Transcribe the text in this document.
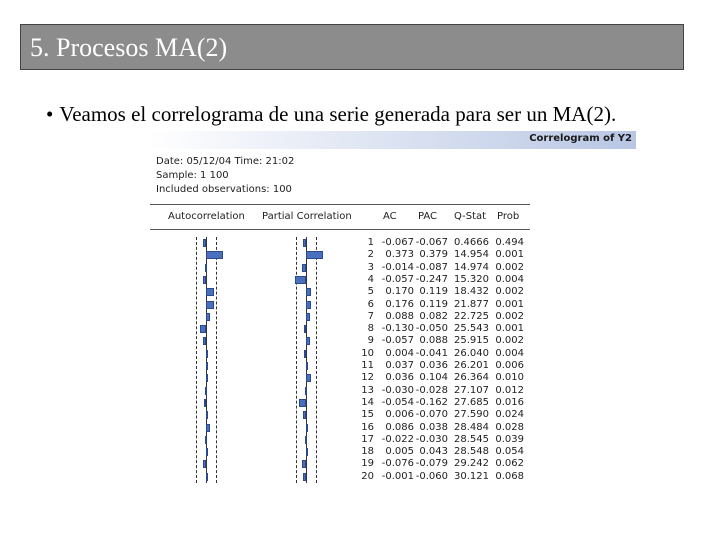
5. Procesos MA(2)
• Veamos el correlograma de una serie generada para ser un MA(2).
Correlogram of Y2
Date: 05/12/04 Time: 21:02
Sample: 1 100
Included observations: 100
Autocorrelation Partial Correlation	AC PAC Q-Stat Prob
1 -0.067 -0.067 0.4666 0.494
2	0.373 0.379 14.954 0.001
3 -0.014 -0.087 14.974 0.002
4 -0.057 -0.247 15.320 0.004
5	0.170 0.119 18.432 0.002
6	0.176 0.119 21.877 0.001
7	0.088 0.082 22.725 0.002
8 -0.130 -0.050 25.543 0.001
9 -0.057 0.088 25.915 0.002
10	0.004 -0.041 26.040 0.004
11	0.037 0.036 26.201 0.006
12	0.036 0.104 26.364 0.010
13 -0.030 -0.028 27.107 0.012
14 -0.054 -0.162 27.685 0.016
15	0.006 -0.070 27.590 0.024
16	0.086 0.038 28.484 0.028
17 -0.022 -0.030 28.545 0.039
18	0.005 0.043 28.548 0.054
19 -0.076 -0.079 29.242 0.062
20 -0.001 -0.060 30.121 0.068
